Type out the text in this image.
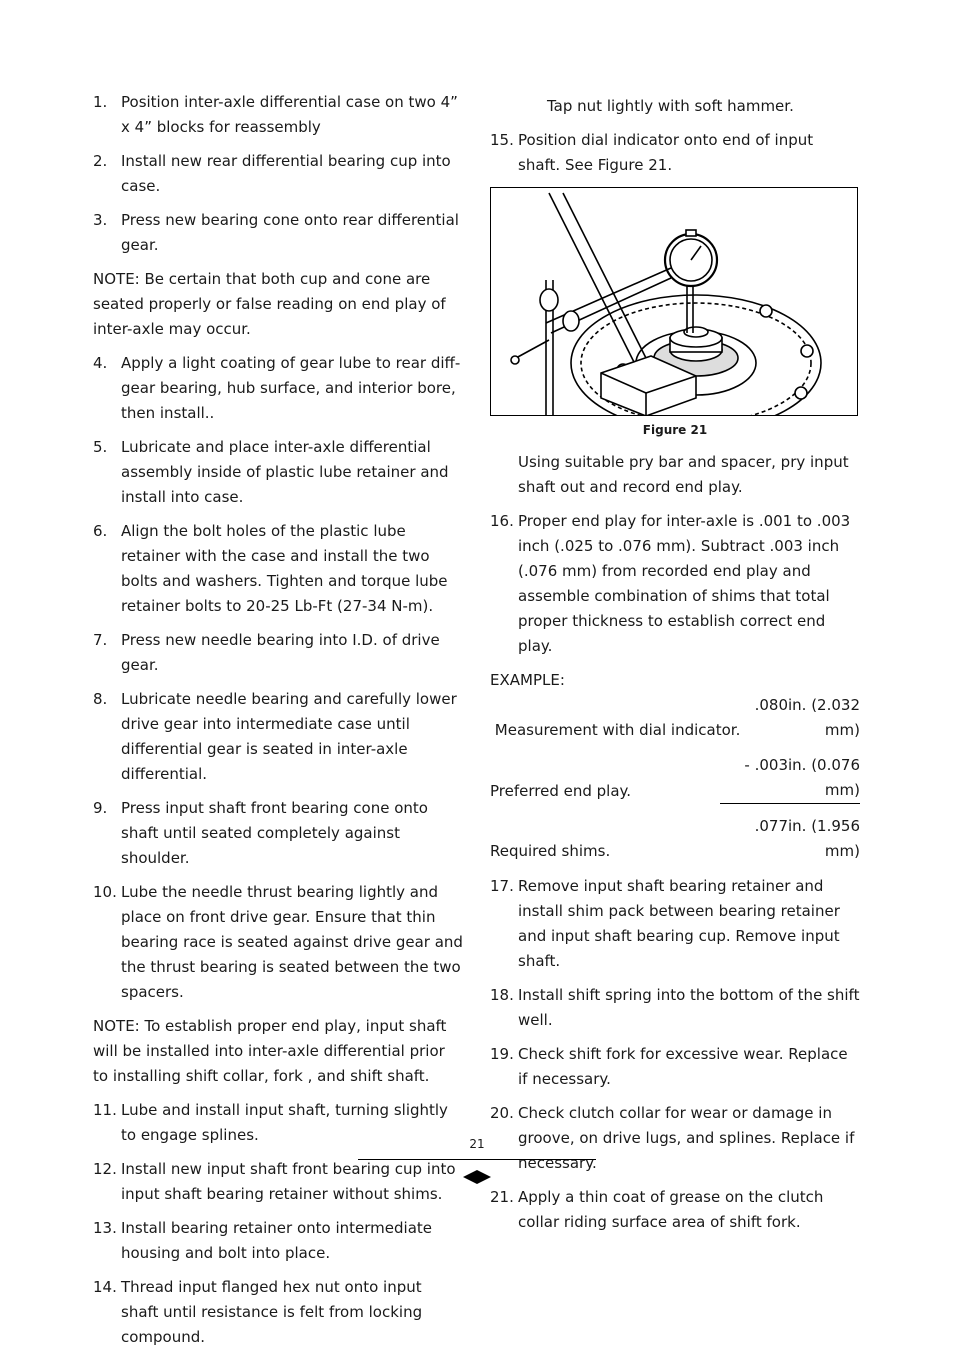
1. Position inter-axle differential case on two 4” x 4” blocks for reassembly
2. Install new rear differential bearing cup into case.
3. Press new bearing cone onto rear differential gear.
NOTE: Be certain that both cup and cone are seated properly or false reading on end play of inter-axle may occur.
4. Apply a light coating of gear lube to rear diff-gear bearing, hub surface, and interior bore, then install..
5. Lubricate and place inter-axle differential assembly inside of plastic lube retainer and install into case.
6. Align the bolt holes of the plastic lube retainer with the case and install the two bolts and washers. Tighten and torque lube retainer bolts to 20-25 Lb-Ft (27-34 N-m).
7. Press new needle bearing into I.D. of drive gear.
8. Lubricate needle bearing and carefully lower drive gear into intermediate case until differential gear is seated in inter-axle differential.
9. Press input shaft front bearing cone onto shaft until seated completely against shoulder.
10. Lube the needle thrust bearing lightly and place on front drive gear. Ensure that thin bearing race is seated against drive gear and the thrust bearing is seated between the two spacers.
NOTE: To establish proper end play, input shaft will be installed into inter-axle differential prior to installing shift collar, fork , and shift shaft.
11. Lube and install input shaft, turning slightly to engage splines.
12. Install new input shaft front bearing cup into input shaft bearing retainer without shims.
13. Install bearing retainer onto intermediate housing and bolt into place.
14. Thread input flanged hex nut onto input shaft until resistance is felt from locking compound.
Tap nut lightly with soft hammer.
15. Position dial indicator onto end of input shaft. See Figure 21.
Figure 21
Using suitable pry bar and spacer, pry input shaft out and record end play.
16. Proper end play for inter-axle is .001 to .003 inch (.025 to .076 mm). Subtract .003 inch (.076 mm) from recorded end play and assemble combination of shims that total proper thickness to establish correct end play.
EXAMPLE:
Measurement with dial indicator.
.080in. (2.032 mm)
Preferred end play.
- .003in. (0.076 mm)
Required shims.
.077in. (1.956 mm)
17. Remove input shaft bearing retainer and install shim pack between bearing retainer and input shaft bearing cup. Remove input shaft.
18. Install shift spring into the bottom of the shift well.
19. Check shift fork for excessive wear. Replace if necessary.
20. Check clutch collar for wear or damage in groove, on drive lugs, and splines. Replace if necessary.
21. Apply a thin coat of grease on the clutch collar riding surface area of shift fork.
21
